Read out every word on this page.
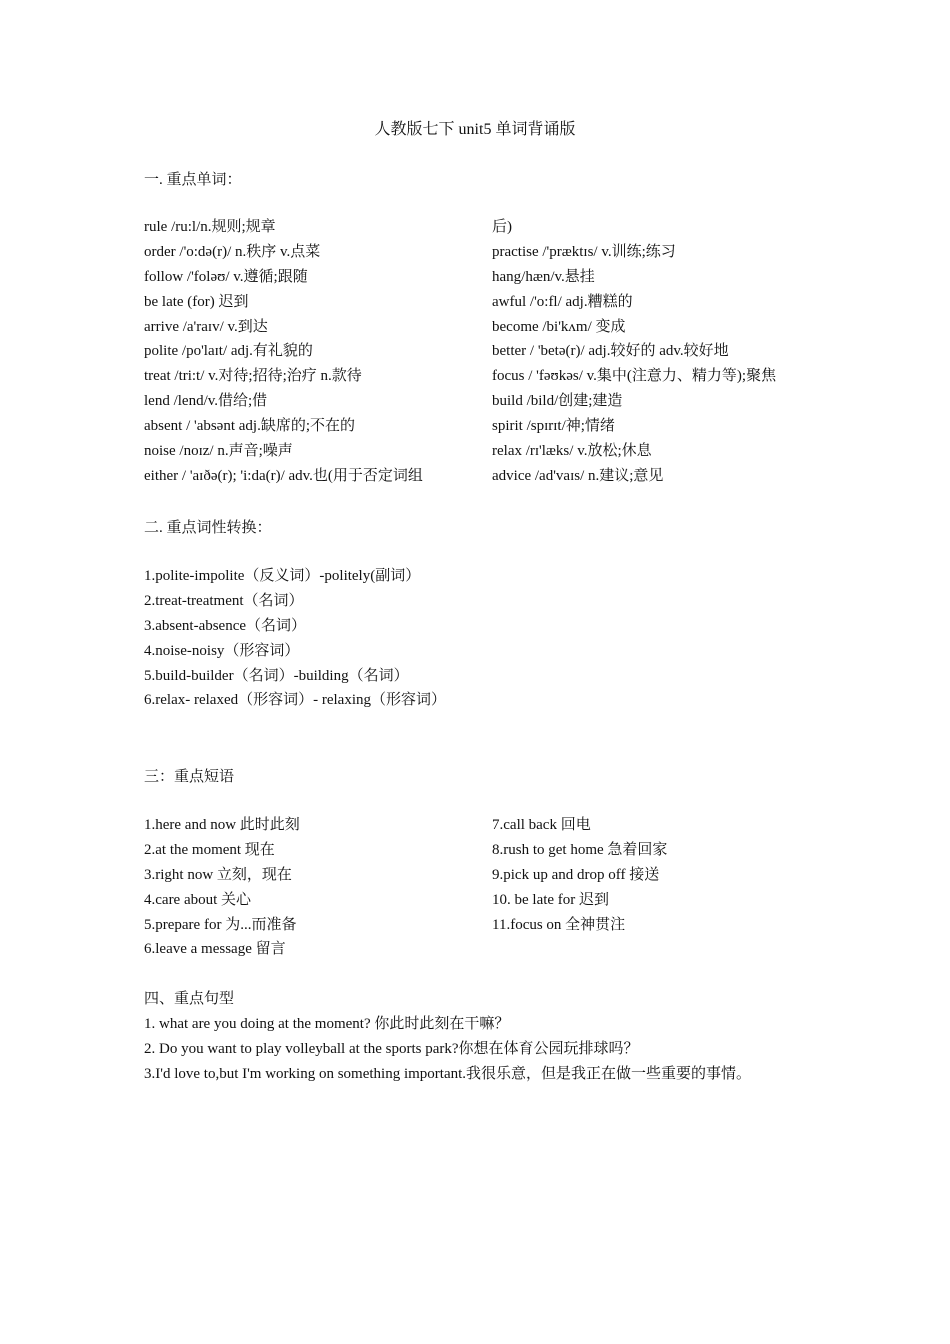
人教版七下 unit5 单词背诵版
一. 重点单词：
rule /ru:l/n.规则;规章
order /'o:də(r)/ n.秩序 v.点菜
follow /'foləʊ/ v.遵循;跟随
be late (for) 迟到
arrive /a'raɪv/ v.到达
polite /po'laɪt/ adj.有礼貌的
treat /tri:t/ v.对待;招待;治疗 n.款待
lend /lend/v.借给;借
absent / 'absənt adj.缺席的;不在的
noise /noɪz/ n.声音;噪声
either / 'aɪðə(r); 'i:da(r)/ adv.也(用于否定词组
后)
practise /'præktɪs/ v.训练;练习
hang/hæn/v.悬挂
awful /'o:fl/ adj.糟糕的
become /bi'kʌm/ 变成
better / 'betə(r)/ adj.较好的 adv.较好地
focus / 'fəʊkəs/ v.集中(注意力、精力等);聚焦
build /bild/创建;建造
spirit /spɪrɪt/神;情绪
relax /rɪ'læks/ v.放松;休息
advice /ad'vaɪs/ n.建议;意见
二. 重点词性转换：
1.polite-impolite（反义词）-politely(副词）
2.treat-treatment（名词）
3.absent-absence（名词）
4.noise-noisy（形容词）
5.build-builder（名词）-building（名词）
6.relax- relaxed（形容词）- relaxing（形容词）
三：重点短语
1.here and now 此时此刻
2.at the moment 现在
3.right now 立刻，现在
4.care about 关心
5.prepare for 为...而准备
6.leave a message 留言
7.call back 回电
8.rush to get home 急着回家
9.pick up and drop off 接送
10. be late for 迟到
11.focus on 全神贯注
四、重点句型
1. what are you doing at the moment? 你此时此刻在干嘛？
2. Do you want to play volleyball at the sports park?你想在体育公园玩排球吗？
3.I'd love to,but I'm working on something important.我很乐意，但是我正在做一些重要的事情。
